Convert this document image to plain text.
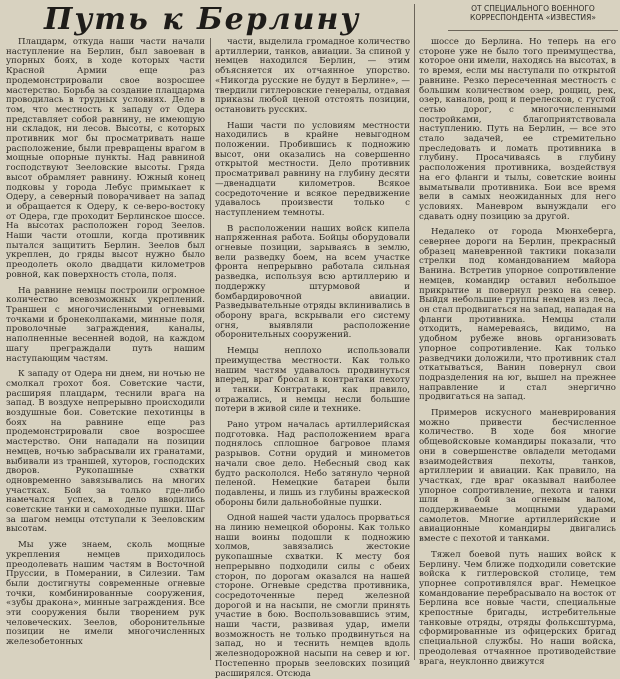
Путь к Берлину	ОТ СПЕЦИАЛЬНОГО ВОЕННОГО КОРРЕСПОНДЕНТА «ИЗВЕСТИЯ»

Плацдарм, откуда наши части начали наступление на Берлин, был завоеван в упорных боях, в ходе которых части Красной Армии еще раз продемонстрировали свое возросшее мастерство. Борьба за создание плацдарма проводилась в трудных условиях. Дело в том, что местность к западу от Одера представляет собой равнину, не имеющую ни складок, ни лесов. Высоты, с которых противник мог бы просматривать наше расположение, были превращены врагом в мощные опорные пункты. Над равниной господствуют Зееловские высоты. Гряда высот обрамляет равнину. Южный конец подковы у города Лебус примыкает к Одеру, а северный поворачивает на запад и обращается к Одеру, к се-веро-востоку от Одера, где проходит Берлинское шоссе. На высотах расположен город Зеелов. Наши части отошли, когда противник пытался защитить Берлин. Зеелов был укреплен, до гряды высот нужно было преодолеть около двадцати километров ровной, как поверхность стола, поля.

На равнине немцы построили огромное количество всевозможных укреплений. Траншеи с многочисленными огневыми точками и бронеколпаками, минные поля, проволочные заграждения, каналы, наполненные весенней водой, на каждом шагу преграждали путь нашим наступающим частям.

К западу от Одера ни днем, ни ночью не смолкал грохот боя. Советские части, расширяя плацдарм, теснили врага на запад. В воздухе непрерывно происходили воздушные бои. Советские пехотинцы в боях на равнине еще раз продемонстрировали свое возросшее мастерство. Они нападали на позиции немцев, ночью забрасывали их гранатами, выбивали из траншей, хуторов, господских дворов. Рукопашные схватки одновременно завязывались на многих участках. Бой за только где-либо намечался успех, в дело вводились советские танки и самоходные пушки. Шаг за шагом немцы отступали к Зееловским высотам.

Мы уже знаем, сколь мощные укрепления немцев приходилось преодолевать нашим частям в Восточной Пруссии, в Померании, в Силезии. Там были достигнуты современные огневые точки, комбинированные сооружения, «зубы дракона», минные заграждения. Все эти сооружения были творением рук человеческих. Зеелов, оборонительные позиции не имели многочисленных железобетонных

части, выделила громадное количество артиллерии, танков, авиации. За спиной у немцев находился Берлин, — этим объясняется их отчаянное упорство. «Никогда русские не будут в Берлине», — твердили гитлеровские генералы, отдавая приказы любой ценой отстоять позиции, остановить русских.

Наши части по условиям местности находились в крайне невыгодном положении. Пробившись к подножию высот, они оказались на совершенно открытой местности. Дело противник просматривал равнину на глубину десяти—двенадцати километров. Всякое сосредоточение и всякое передвижение удавалось произвести только с наступлением темноты.

В расположении наших войск кипела напряженная работа. Бойцы оборудовали огневые позиции, зарываясь в землю, вели разведку боем, на всем участке фронта непрерывно работала сильная разведка, используя всю артиллерию и поддержку штурмовой и бомбардировочной авиации. Разведывательные отряды вклинивались в оборону врага, вскрывали его систему огня, выявляли расположение оборонительных сооружений.

Немцы неплохо использовали преимущества местности. Как только нашим частям удавалось продвинуться вперед, враг бросал в контратаки пехоту и танки. Контратаки, как правило, отражались, и немцы несли большие потери в живой силе и технике.

Рано утром началась артиллерийская подготовка. Над расположением врага поднялось сплошное багровое пламя разрывов. Сотни орудий и минометов начали свое дело. Небесный свод как будто раскололся. Небо затянуло черной пеленой. Немецкие батареи были подавлены, и лишь из глубины вражеской обороны били дальнобойные пушки.

Одной нашей части удалось прорваться на линию немецкой обороны. Как только наши воины подошли к подножию холмов, завязались жестокие рукопашные схватки. К месту боя непрерывно подходили силы с обеих сторон, по дорогам оказался на нашей стороне. Огневые средства противника, сосредоточенные перед железной дорогой и на насыпи, не смогли принять участие в бою. Воспользовавшись этим, наши части, развивая удар, имели возможность не только продвинуться на запад, но и теснить немцев вдоль железнодорожной насыпи на север и юг. Постепенно прорыв зееловских позиций расширялся. Отсюда

шоссе до Берлина. Но теперь на его стороне уже не было того преимущества, которое они имели, находясь на высотах, в то время, если мы наступали по открытой равнине. Резко пересеченная местность с большим количеством озер, рощиц, рек, озер, каналов, рощ и перелесков, с густой сетью дорог, с многочисленными постройками, благоприятствовала наступлению. Путь на Берлин, — все это стало задачей, ее стремительно преследовать и ломать противника в глубину. Просачиваясь в глубину расположения противника, воздействуя на его фланги и тылы, советские воины выматывали противника. Бои все время вели в самых неожиданных для него условиях. Маневром вынуждали его сдавать одну позицию за другой.

Недалеко от города Мюнхеберга, севернее дороги на Берлин, прекрасный образец маневренной тактики показали стрелки под командованием майора Ванина. Встретив упорное сопротивление немцев, командир оставил небольшое прикрытие и повернул резко на север. Выйдя небольшие группы немцев из леса, он стал продвигаться на запад, нападая на фланги противника. Немцы стали отходить, намереваясь, видимо, на удобном рубеже вновь организовать упорное сопротивление. Как только разведчики доложили, что противник стал откатываться, Ванин повернул свои подразделения на юг, вышел на прежнее направление и стал энергично продвигаться на запад.

Примеров искусного маневрирования можно привести бесчисленное количество. В ходе боя многие общевойсковые командиры показали, что они в совершенстве овладели методами взаимодействия пехоты, танков, артиллерии и авиации. Как правило, на участках, где враг оказывал наиболее упорное сопротивление, пехота и танки шли в бой за огневым валом, поддерживаемые мощными ударами самолетов. Многие артиллерийские и авиационные командиры двигались вместе с пехотой и танками.

Тяжел боевой путь наших войск к Берлину. Чем ближе подходили советские войска к гитлеровской столице, тем упорнее сопротивлялся враг. Немецкое командование перебрасывало на восток от Берлина все новые части, специальные крепостные бригады, истребительные танковые отряды, отряды фольксштурма, сформированные из офицерских бригад специальной службы. Но наши войска, преодолевая отчаянное противодействие врага, неуклонно движутся
